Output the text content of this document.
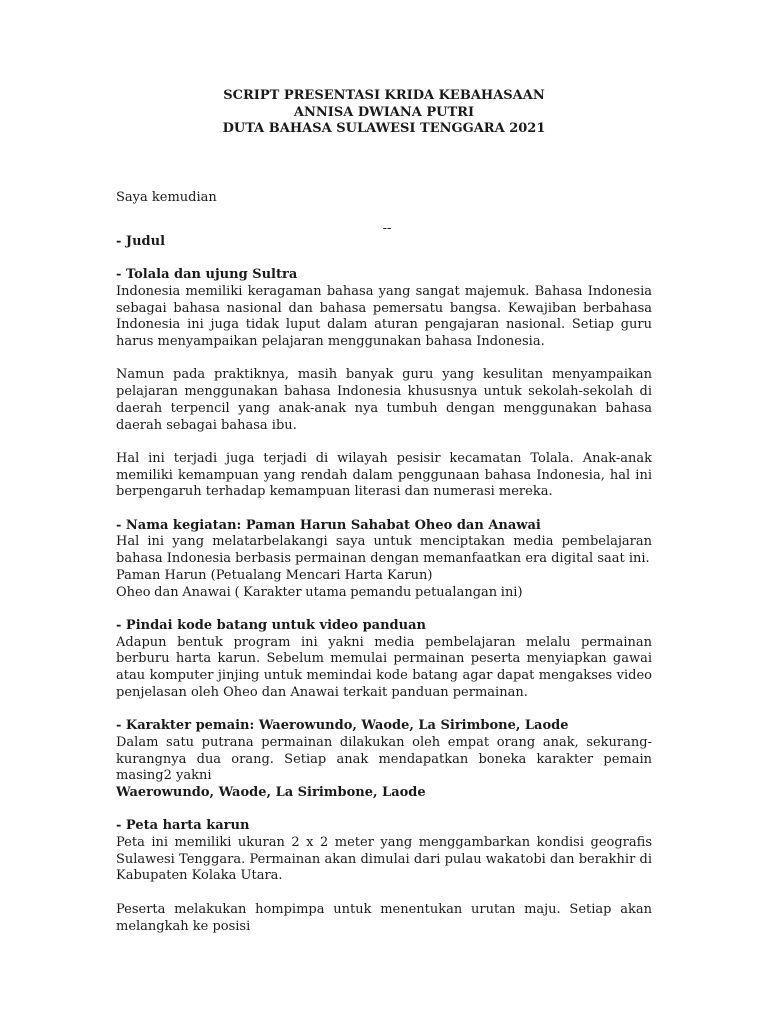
SCRIPT PRESENTASI KRIDA KEBAHASAAN
ANNISA DWIANA PUTRI
DUTA BAHASA SULAWESI TENGGARA 2021
Saya kemudian
--
- Judul
- Tolala dan ujung Sultra

Indonesia memiliki keragaman bahasa yang sangat majemuk. Bahasa Indonesia sebagai bahasa nasional dan bahasa pemersatu bangsa. Kewajiban berbahasa Indonesia ini juga tidak luput dalam aturan pengajaran nasional. Setiap guru harus menyampaikan pelajaran menggunakan bahasa Indonesia.

Namun pada praktiknya, masih banyak guru yang kesulitan menyampaikan pelajaran menggunakan bahasa Indonesia khususnya untuk sekolah-sekolah di daerah terpencil yang anak-anak nya tumbuh dengan menggunakan bahasa daerah sebagai bahasa ibu.

Hal ini terjadi juga terjadi di wilayah pesisir kecamatan Tolala. Anak-anak memiliki kemampuan yang rendah dalam penggunaan bahasa Indonesia, hal ini berpengaruh terhadap kemampuan literasi dan numerasi mereka.

- Nama kegiatan: Paman Harun Sahabat Oheo dan Anawai

Hal ini yang melatarbelakangi saya untuk menciptakan media pembelajaran bahasa Indonesia berbasis permainan dengan memanfaatkan era digital saat ini.

Paman Harun (Petualang Mencari Harta Karun)

Oheo dan Anawai ( Karakter utama pemandu petualangan ini)

- Pindai kode batang untuk video panduan

Adapun bentuk program ini yakni media pembelajaran melalu permainan berburu harta karun. Sebelum memulai permainan peserta menyiapkan gawai atau komputer jinjing untuk memindai kode batang agar dapat mengakses video penjelasan oleh Oheo dan Anawai terkait panduan permainan.

- Karakter pemain: Waerowundo, Waode, La Sirimbone, Laode

Dalam satu putrana permainan dilakukan oleh empat orang anak, sekurang-kurangnya dua orang. Setiap anak mendapatkan boneka karakter pemain masing2 yakni

Waerowundo, Waode, La Sirimbone, Laode

- Peta harta karun

Peta ini memiliki ukuran 2 x 2 meter yang menggambarkan kondisi geografis Sulawesi Tenggara. Permainan akan dimulai dari pulau wakatobi dan berakhir di Kabupaten Kolaka Utara.

Peserta melakukan hompimpa untuk menentukan urutan maju. Setiap akan melangkah ke posisi
